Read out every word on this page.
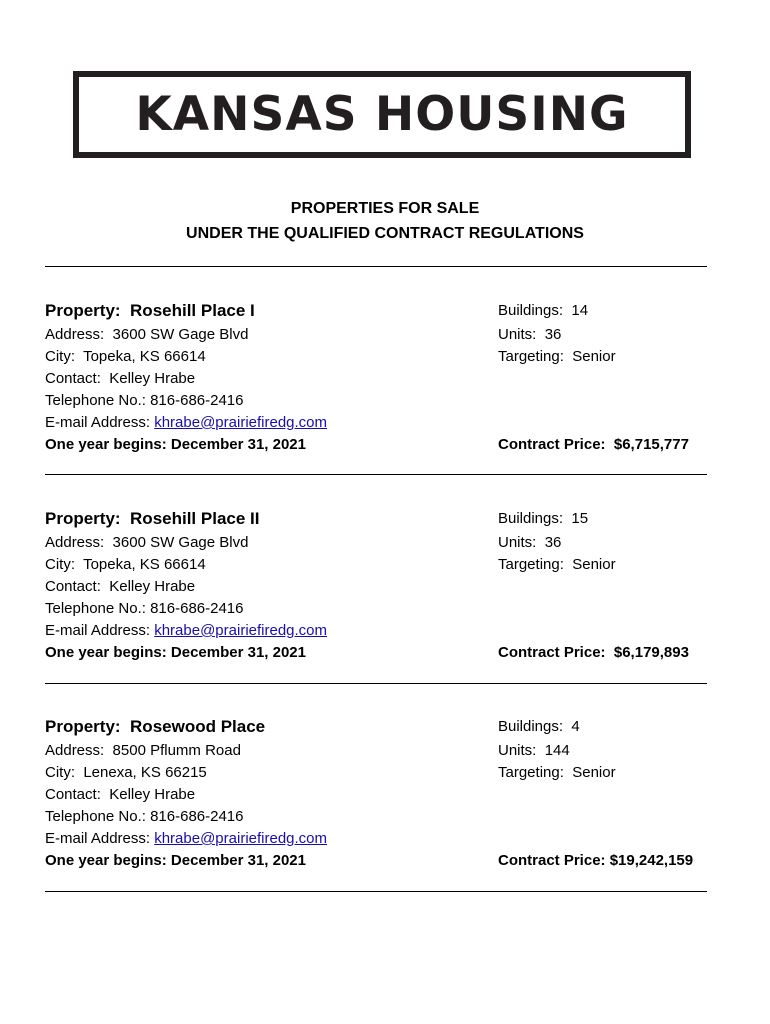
KANSAS HOUSING
PROPERTIES FOR SALE
UNDER THE QUALIFIED CONTRACT REGULATIONS
Property: Rosehill Place I
Address: 3600 SW Gage Blvd
City: Topeka, KS 66614
Contact: Kelley Hrabe
Telephone No.: 816-686-2416
E-mail Address: khrabe@prairiefiredg.com
One year begins: December 31, 2021
Buildings: 14
Units: 36
Targeting: Senior
Contract Price: $6,715,777
Property: Rosehill Place II
Address: 3600 SW Gage Blvd
City: Topeka, KS 66614
Contact: Kelley Hrabe
Telephone No.: 816-686-2416
E-mail Address: khrabe@prairiefiredg.com
One year begins: December 31, 2021
Buildings: 15
Units: 36
Targeting: Senior
Contract Price: $6,179,893
Property: Rosewood Place
Address: 8500 Pflumm Road
City: Lenexa, KS 66215
Contact: Kelley Hrabe
Telephone No.: 816-686-2416
E-mail Address: khrabe@prairiefiredg.com
One year begins: December 31, 2021
Buildings: 4
Units: 144
Targeting: Senior
Contract Price: $19,242,159
